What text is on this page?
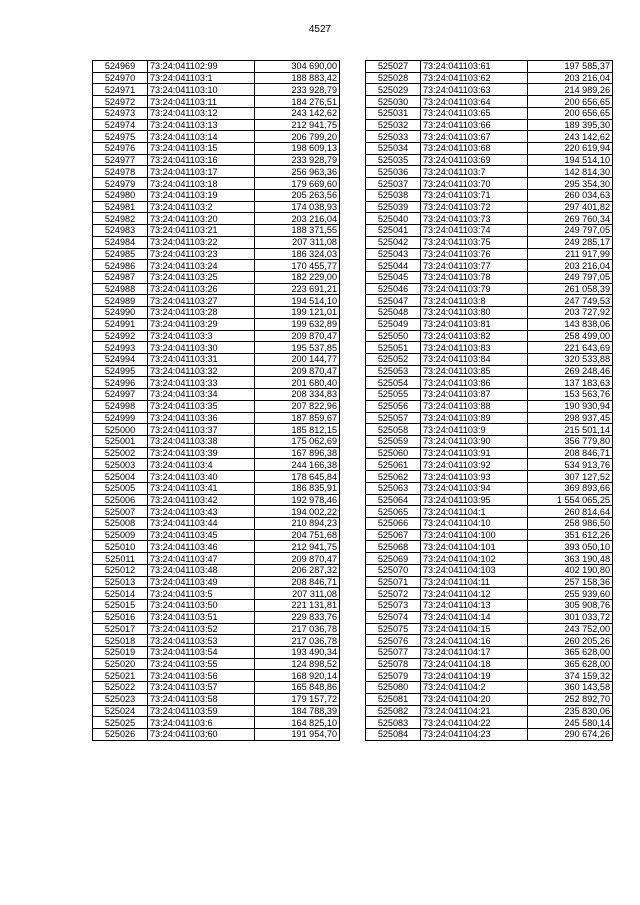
4527
524969	73:24:041102:99	304 690,00
524970	73:24:041103:1	188 883,42
524971	73:24:041103:10	233 928,79
524972	73:24:041103:11	184 276,51
524973	73:24:041103:12	243 142,62
524974	73:24:041103:13	212 941,75
524975	73:24:041103:14	206 799,20
524976	73:24:041103:15	198 609,13
524977	73:24:041103:16	233 928,79
524978	73:24:041103:17	256 963,36
524979	73:24:041103:18	179 669,60
524980	73:24:041103:19	205 263,56
524981	73:24:041103:2	174 038,93
524982	73:24:041103:20	203 216,04
524983	73:24:041103:21	188 371,55
524984	73:24:041103:22	207 311,08
524985	73:24:041103:23	186 324,03
524986	73:24:041103:24	170 455,77
524987	73:24:041103:25	182 229,00
524988	73:24:041103:26	223 691,21
524989	73:24:041103:27	194 514,10
524990	73:24:041103:28	199 121,01
524991	73:24:041103:29	199 632,89
524992	73:24:041103:3	209 870,47
524993	73:24:041103:30	195 537,85
524994	73:24:041103:31	200 144,77
524995	73:24:041103:32	209 870,47
524996	73:24:041103:33	201 680,40
524997	73:24:041103:34	208 334,83
524998	73:24:041103:35	207 822,96
524999	73:24:041103:36	187 859,67
525000	73:24:041103:37	185 812,15
525001	73:24:041103:38	175 062,69
525002	73:24:041103:39	167 896,38
525003	73:24:041103:4	244 166,38
525004	73:24:041103:40	178 645,84
525005	73:24:041103:41	186 835,91
525006	73:24:041103:42	192 978,46
525007	73:24:041103:43	194 002,22
525008	73:24:041103:44	210 894,23
525009	73:24:041103:45	204 751,68
525010	73:24:041103:46	212 941,75
525011	73:24:041103:47	209 870,47
525012	73:24:041103:48	206 287,32
525013	73:24:041103:49	208 846,71
525014	73:24:041103:5	207 311,08
525015	73:24:041103:50	221 131,81
525016	73:24:041103:51	229 833,76
525017	73:24:041103:52	217 036,78
525018	73:24:041103:53	217 036,78
525019	73:24:041103:54	193 490,34
525020	73:24:041103:55	124 898,52
525021	73:24:041103:56	168 920,14
525022	73:24:041103:57	165 848,86
525023	73:24:041103:58	179 157,72
525024	73:24:041103:59	184 788,39
525025	73:24:041103:6	164 825,10
525026	73:24:041103:60	191 954,70
525027	73:24:041103:61	197 585,37
525028	73:24:041103:62	203 216,04
525029	73:24:041103:63	214 989,26
525030	73:24:041103:64	200 656,65
525031	73:24:041103:65	200 656,65
525032	73:24:041103:66	189 395,30
525033	73:24:041103:67	243 142,62
525034	73:24:041103:68	220 619,94
525035	73:24:041103:69	194 514,10
525036	73:24:041103:7	142 814,30
525037	73:24:041103:70	295 354,30
525038	73:24:041103:71	260 034,63
525039	73:24:041103:72	297 401,82
525040	73:24:041103:73	269 760,34
525041	73:24:041103:74	249 797,05
525042	73:24:041103:75	249 285,17
525043	73:24:041103:76	211 917,99
525044	73:24:041103:77	203 216,04
525045	73:24:041103:78	249 797,05
525046	73:24:041103:79	261 058,39
525047	73:24:041103:8	247 749,53
525048	73:24:041103:80	203 727,92
525049	73:24:041103:81	143 838,06
525050	73:24:041103:82	258 499,00
525051	73:24:041103:83	221 643,69
525052	73:24:041103:84	320 533,88
525053	73:24:041103:85	269 248,46
525054	73:24:041103:86	137 183,63
525055	73:24:041103:87	153 563,76
525056	73:24:041103:88	190 930,94
525057	73:24:041103:89	298 937,45
525058	73:24:041103:9	215 501,14
525059	73:24:041103:90	356 779,80
525060	73:24:041103:91	208 846,71
525061	73:24:041103:92	534 913,76
525062	73:24:041103:93	307 127,52
525063	73:24:041103:94	369 893,66
525064	73:24:041103:95	1 554 065,25
525065	73:24:041104:1	260 814,64
525066	73:24:041104:10	258 986,50
525067	73:24:041104:100	351 612,26
525068	73:24:041104:101	393 050,10
525069	73:24:041104:102	363 190,48
525070	73:24:041104:103	402 190,80
525071	73:24:041104:11	257 158,36
525072	73:24:041104:12	255 939,60
525073	73:24:041104:13	305 908,76
525074	73:24:041104:14	301 033,72
525075	73:24:041104:15	243 752,00
525076	73:24:041104:16	260 205,26
525077	73:24:041104:17	365 628,00
525078	73:24:041104:18	365 628,00
525079	73:24:041104:19	374 159,32
525080	73:24:041104:2	360 143,58
525081	73:24:041104:20	252 892,70
525082	73:24:041104:21	235 830,06
525083	73:24:041104:22	245 580,14
525084	73:24:041104:23	290 674,26
